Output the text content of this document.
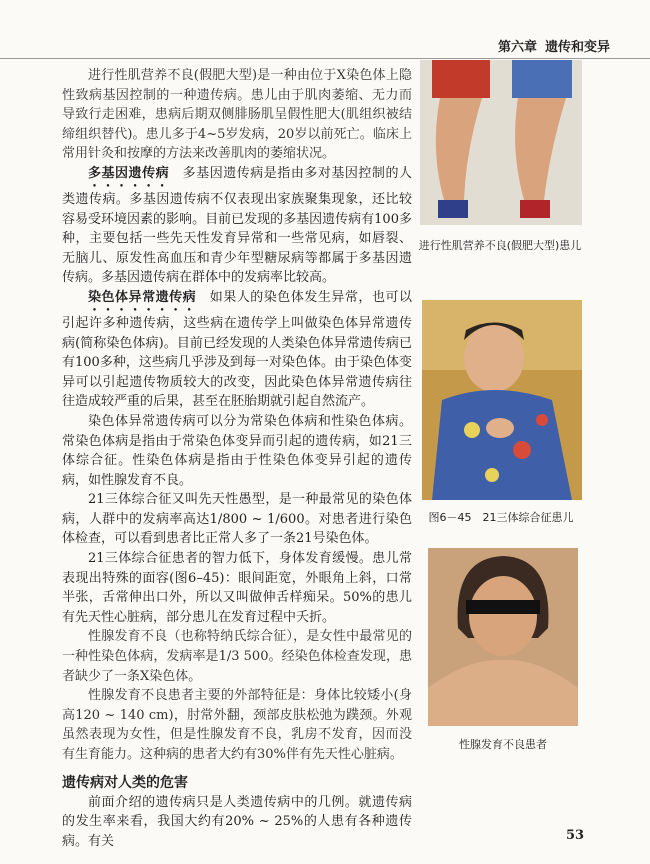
第六章 遗传和变异

进行性肌营养不良(假肥大型)是一种由位于X染色体上隐性致病基因控制的一种遗传病。患儿由于肌肉萎缩、无力而导致行走困难，患病后期双侧腓肠肌呈假性肥大(肌组织被结缔组织替代)。患儿多于4~5岁发病，20岁以前死亡。临床上常用针灸和按摩的方法来改善肌肉的萎缩状况。

多基因遗传病　 多基因遗传病是指由多对基因控制的人类遗传病。多基因遗传病不仅表现出家族聚集现象，还比较容易受环境因素的影响。目前已发现的多基因遗传病有100多种，主要包括一些先天性发育异常和一些常见病，如唇裂、无脑儿、原发性高血压和青少年型糖尿病等都属于多基因遗传病。多基因遗传病在群体中的发病率比较高。

染色体异常遗传病　 如果人的染色体发生异常，也可以引起许多种遗传病，这些病在遗传学上叫做染色体异常遗传病(简称染色体病)。目前已经发现的人类染色体异常遗传病已有100多种，这些病几乎涉及到每一对染色体。由于染色体变异可以引起遗传物质较大的改变，因此染色体异常遗传病往往造成较严重的后果，甚至在胚胎期就引起自然流产。

染色体异常遗传病可以分为常染色体病和性染色体病。常染色体病是指由于常染色体变异而引起的遗传病，如21三体综合征。性染色体病是指由于性染色体变异引起的遗传病，如性腺发育不良。

21三体综合征又叫先天性愚型，是一种最常见的染色体病，人群中的发病率高达1/800 ~ 1/600。对患者进行染色体检查，可以看到患者比正常人多了一条21号染色体。

21三体综合征患者的智力低下，身体发育缓慢。患儿常表现出特殊的面容(图6–45)：眼间距宽，外眼角上斜，口常半张，舌常伸出口外，所以又叫做伸舌样痴呆。50%的患儿有先天性心脏病，部分患儿在发育过程中夭折。

性腺发育不良（也称特纳氏综合征），是女性中最常见的一种性染色体病，发病率是1/3 500。经染色体检查发现，患者缺少了一条X染色体。

性腺发育不良患者主要的外部特征是：身体比较矮小(身高120 ~ 140 cm)，肘常外翻，颈部皮肤松弛为蹼颈。外观虽然表现为女性，但是性腺发育不良，乳房不发育，因而没有生育能力。这种病的患者大约有30%伴有先天性心脏病。

遗传病对人类的危害

前面介绍的遗传病只是人类遗传病中的几例。就遗传病的发生率来看，我国大约有20% ~ 25%的人患有各种遗传病。有关

进行性肌营养不良(假肥大型)患儿
图6－45　21三体综合征患儿
性腺发育不良患者
53
